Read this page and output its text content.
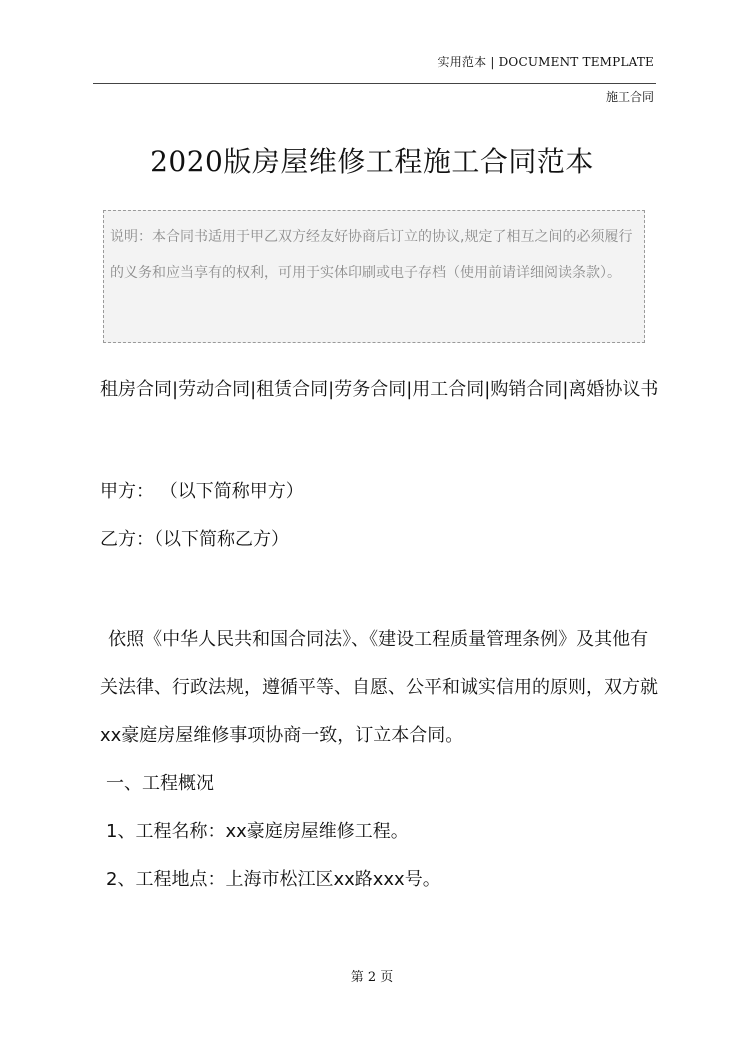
实用范本 | DOCUMENT TEMPLATE
施工合同
2020版房屋维修工程施工合同范本
说明：本合同书适用于甲乙双方经友好协商后订立的协议,规定了相互之间的必须履行的义务和应当享有的权利，可用于实体印刷或电子存档（使用前请详细阅读条款）。
租房合同|劳动合同|租赁合同|劳务合同|用工合同|购销合同|离婚协议书
甲方： （以下简称甲方）
乙方：（以下简称乙方）
依照《中华人民共和国合同法》、《建设工程质量管理条例》及其他有关法律、行政法规，遵循平等、自愿、公平和诚实信用的原则，双方就xx豪庭房屋维修事项协商一致，订立本合同。
一、工程概况
1、工程名称：xx豪庭房屋维修工程。
2、工程地点：上海市松江区xx路xxx号。
第 2 页
